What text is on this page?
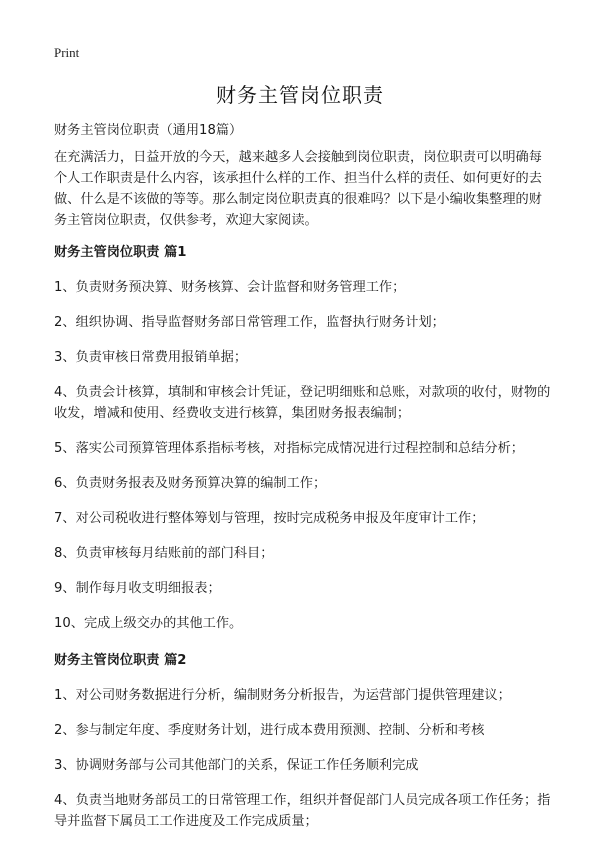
Print
财务主管岗位职责

财务主管岗位职责（通用18篇）

在充满活力，日益开放的今天，越来越多人会接触到岗位职责，岗位职责可以明确每个人工作职责是什么内容，该承担什么样的工作、担当什么样的责任、如何更好的去做、什么是不该做的等等。那么制定岗位职责真的很难吗？以下是小编收集整理的财务主管岗位职责，仅供参考，欢迎大家阅读。

财务主管岗位职责 篇1

1、负责财务预决算、财务核算、会计监督和财务管理工作；

2、组织协调、指导监督财务部日常管理工作，监督执行财务计划；

3、负责审核日常费用报销单据；

4、负责会计核算，填制和审核会计凭证，登记明细账和总账，对款项的收付，财物的收发，增减和使用、经费收支进行核算，集团财务报表编制；

5、落实公司预算管理体系指标考核，对指标完成情况进行过程控制和总结分析；

6、负责财务报表及财务预算决算的编制工作；

7、对公司税收进行整体筹划与管理，按时完成税务申报及年度审计工作；

8、负责审核每月结账前的部门科目；

9、制作每月收支明细报表；

10、完成上级交办的其他工作。

财务主管岗位职责 篇2

1、对公司财务数据进行分析，编制财务分析报告，为运营部门提供管理建议；

2、参与制定年度、季度财务计划，进行成本费用预测、控制、分析和考核

3、协调财务部与公司其他部门的关系，保证工作任务顺利完成

4、负责当地财务部员工的日常管理工作，组织并督促部门人员完成各项工作任务；指导并监督下属员工工作进度及工作完成质量；
